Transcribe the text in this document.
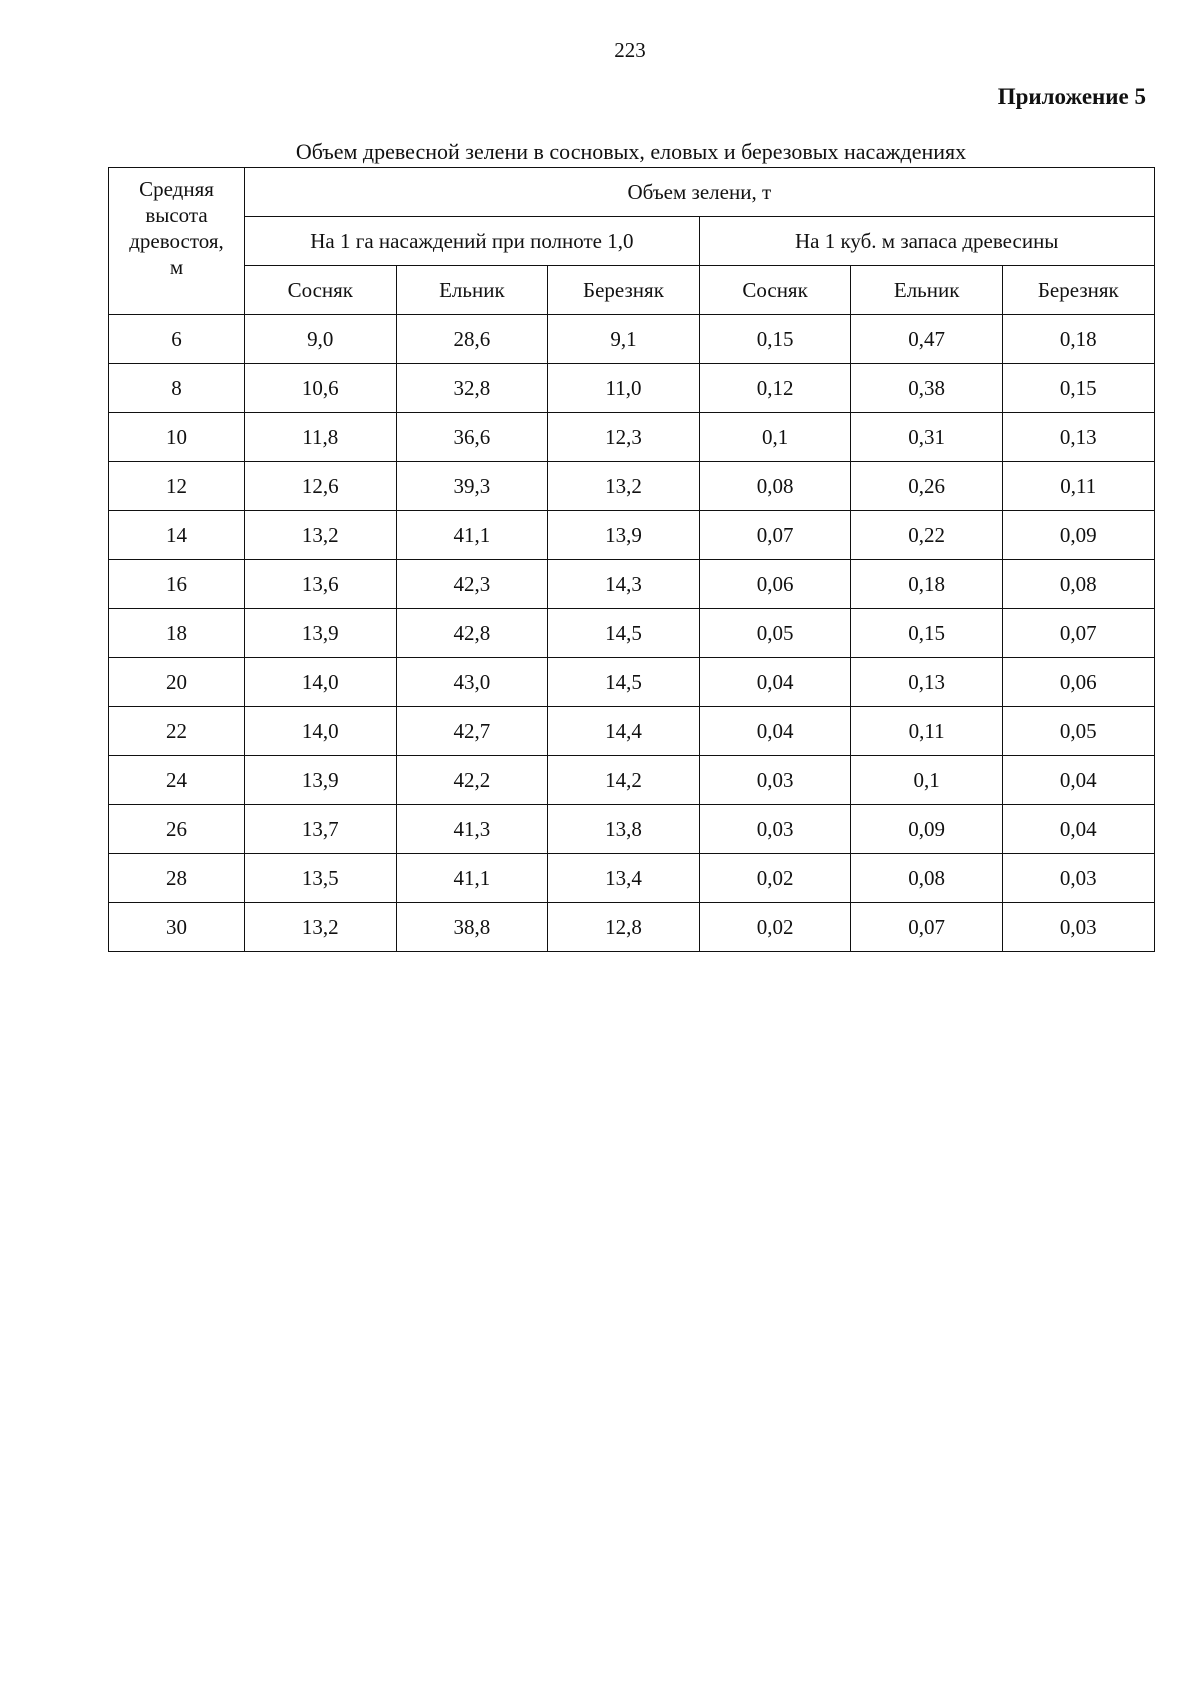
223
Приложение 5
Объем древесной зелени в сосновых, еловых и березовых насаждениях
Средняя
высота
древостоя,
м	Объем зелени, т					
	На 1 га насаждений при полноте 1,0			На 1 куб. м запаса древесины		
	Сосняк	Ельник	Березняк	Сосняк	Ельник	Березняк
6	9,0	28,6	9,1	0,15	0,47	0,18
8	10,6	32,8	11,0	0,12	0,38	0,15
10	11,8	36,6	12,3	0,1	0,31	0,13
12	12,6	39,3	13,2	0,08	0,26	0,11
14	13,2	41,1	13,9	0,07	0,22	0,09
16	13,6	42,3	14,3	0,06	0,18	0,08
18	13,9	42,8	14,5	0,05	0,15	0,07
20	14,0	43,0	14,5	0,04	0,13	0,06
22	14,0	42,7	14,4	0,04	0,11	0,05
24	13,9	42,2	14,2	0,03	0,1	0,04
26	13,7	41,3	13,8	0,03	0,09	0,04
28	13,5	41,1	13,4	0,02	0,08	0,03
30	13,2	38,8	12,8	0,02	0,07	0,03
